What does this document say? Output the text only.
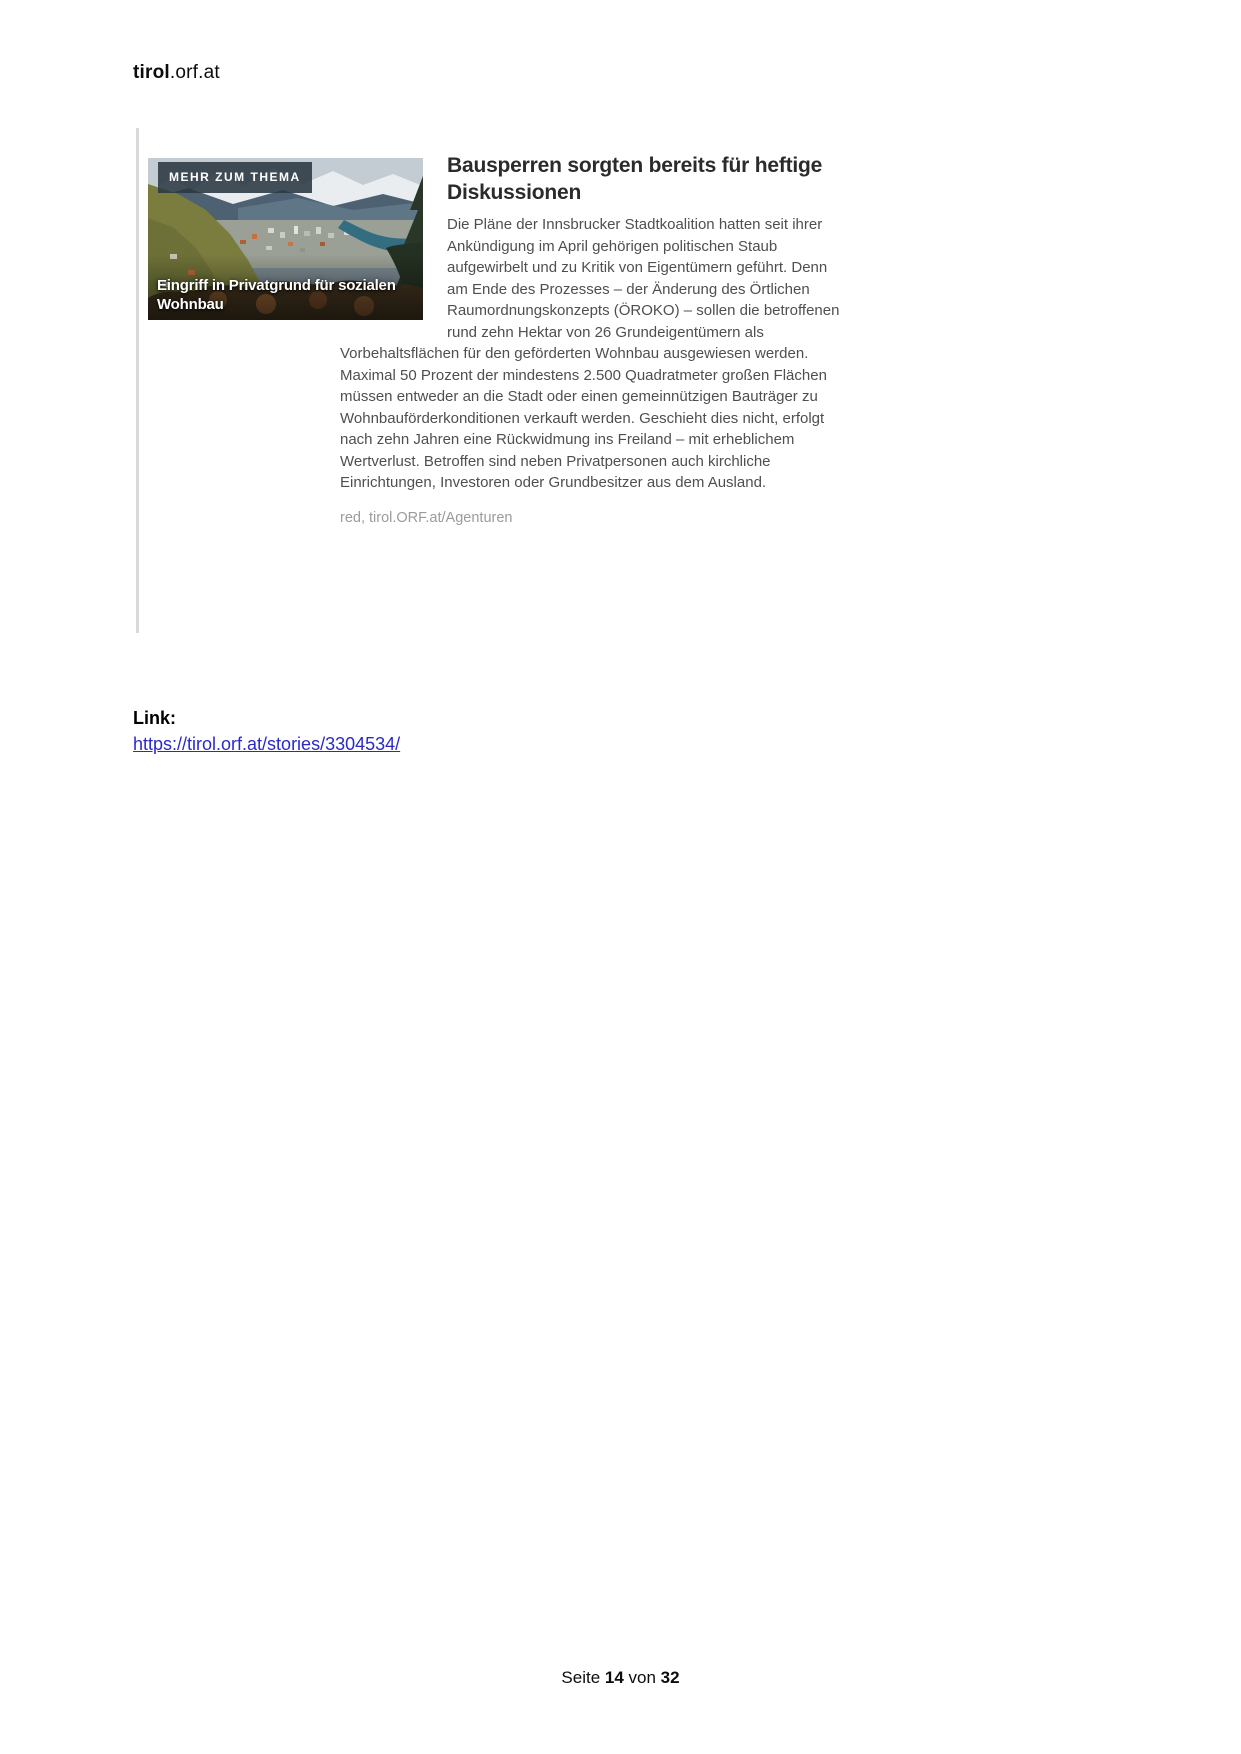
tirol.orf.at
MEHR ZUM THEMA
Eingriff in Privatgrund für sozialen Wohnbau
Bausperren sorgten bereits für heftige Diskussionen

Die Pläne der Innsbrucker Stadtkoalition hatten seit ihrer Ankündigung im April gehörigen politischen Staub aufgewirbelt und zu Kritik von Eigentümern geführt. Denn am Ende des Prozesses – der Änderung des Örtlichen Raumordnungskonzepts (ÖROKO) – sollen die betroffenen rund zehn Hektar von 26 Grundeigentümern als Vorbehaltsflächen für den geförderten Wohnbau ausgewiesen werden. Maximal 50 Prozent der mindestens 2.500 Quadratmeter großen Flächen müssen entweder an die Stadt oder einen gemeinnützigen Bauträger zu Wohnbauförderkonditionen verkauft werden. Geschieht dies nicht, erfolgt nach zehn Jahren eine Rückwidmung ins Freiland – mit erheblichem Wertverlust. Betroffen sind neben Privatpersonen auch kirchliche Einrichtungen, Investoren oder Grundbesitzer aus dem Ausland.

red, tirol.ORF.at/Agenturen

Link:
https://tirol.orf.at/stories/3304534/
Seite 14 von 32
